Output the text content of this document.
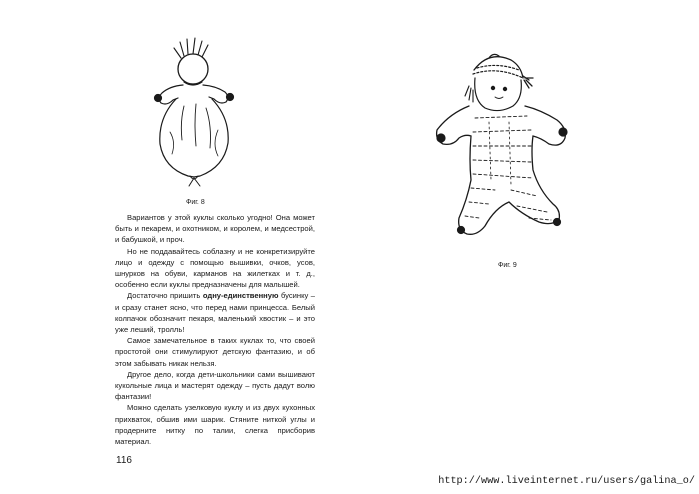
Фиг. 8

Вариантов у этой куклы сколько угодно! Она может быть и пекарем, и охотником, и королем, и медсестрой, и бабушкой, и проч.

Но не поддавайтесь соблазну и не конкретизируйте лицо и одежду с помощью вышивки, очков, усов, шнурков на обуви, карманов на жилетках и т. д., особенно если куклы предназначены для малышей.

Достаточно пришить одну-единственную бусинку – и сразу станет ясно, что перед нами принцесса. Белый колпачок обозначит пекаря, маленький хвостик – и это уже леший, тролль!

Самое замечательное в таких куклах то, что своей простотой они стимулируют детскую фантазию, и об этом забывать никак нельзя.

Другое дело, когда дети-школьники сами вышивают кукольные лица и мастерят одежду – пусть дадут волю фантазии!

Можно сделать узелковую куклу и из двух кухонных прихваток, обшив ими шарик. Стяните ниткой углы и продерните нитку по талии, слегка присборив материал.

116
Фиг. 9
http://www.liveinternet.ru/users/galina_o/
